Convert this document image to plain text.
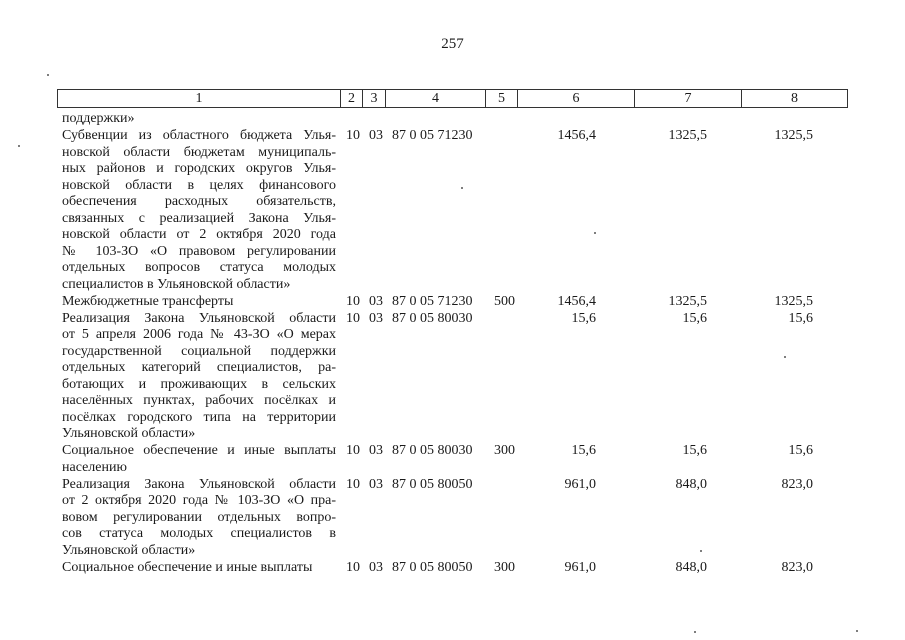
257
1	2	3	4	5	6	7	8
поддержки»
Субвенции из областного бюджета Улья-
новской области бюджетам муниципаль-
ных районов и городских округов Улья-
новской области в целях финансового
обеспечения расходных обязательств,
связанных с реализацией Закона Улья-
новской области от 2 октября 2020 года
№ 103-ЗО «О правовом регулировании
отдельных вопросов статуса молодых
специалистов в Ульяновской области»
10 03 87 0 05 71230	1456,4	1325,5	1325,5
Межбюджетные трансферты	10 03 87 0 05 71230	500	1456,4	1325,5	1325,5
Реализация Закона Ульяновской области
от 5 апреля 2006 года № 43-ЗО «О мерах
государственной социальной поддержки
отдельных категорий специалистов, ра-
ботающих и проживающих в сельских
населённых пунктах, рабочих посёлках и
посёлках городского типа на территории
Ульяновской области»
10 03 87 0 05 80030	15,6	15,6	15,6
Социальное обеспечение и иные выплаты
населению
10 03 87 0 05 80030	300	15,6	15,6	15,6
Реализация Закона Ульяновской области
от 2 октября 2020 года № 103-ЗО «О пра-
вовом регулировании отдельных вопро-
сов статуса молодых специалистов в
Ульяновской области»
10 03 87 0 05 80050	961,0	848,0	823,0
Социальное обеспечение и иные выплаты	10 03 87 0 05 80050	300	961,0	848,0	823,0
